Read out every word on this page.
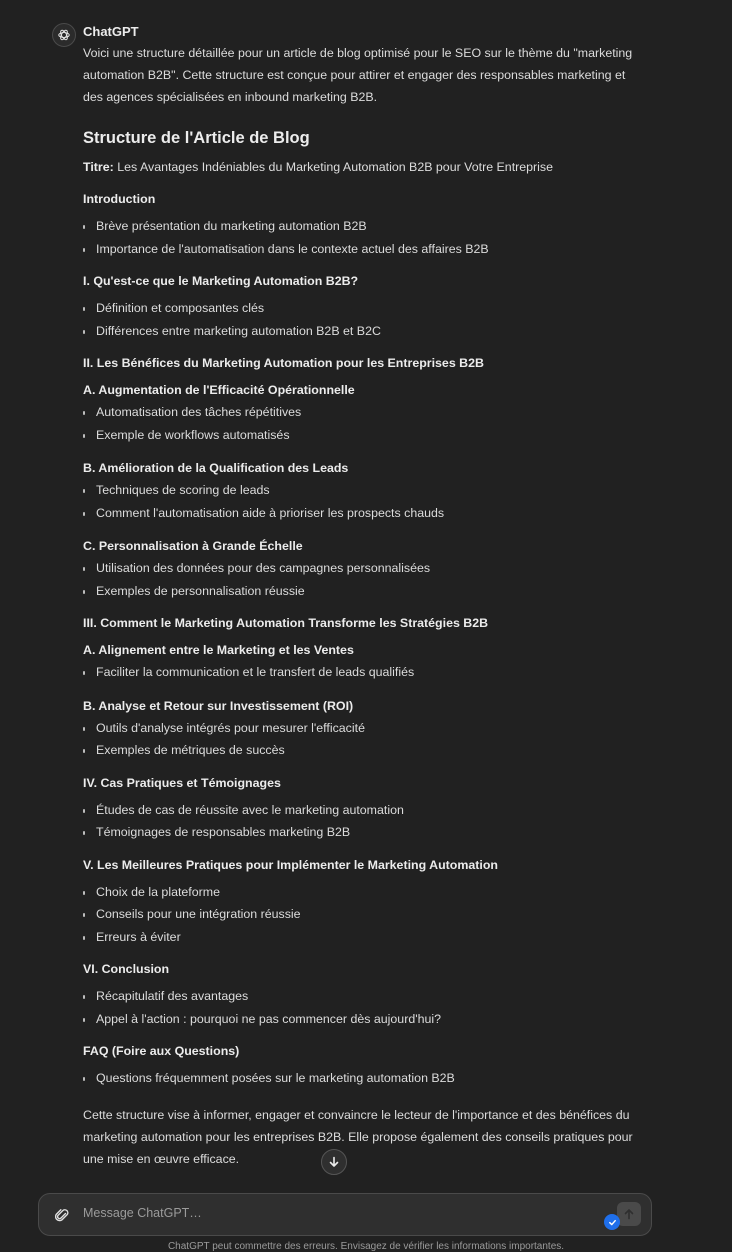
ChatGPT

Voici une structure détaillée pour un article de blog optimisé pour le SEO sur le thème du "marketing automation B2B". Cette structure est conçue pour attirer et engager des responsables marketing et des agences spécialisées en inbound marketing B2B.

Structure de l'Article de Blog

Titre: Les Avantages Indéniables du Marketing Automation B2B pour Votre Entreprise

Introduction
Brève présentation du marketing automation B2B
Importance de l'automatisation dans le contexte actuel des affaires B2B
I. Qu'est-ce que le Marketing Automation B2B?
Définition et composantes clés
Différences entre marketing automation B2B et B2C
II. Les Bénéfices du Marketing Automation pour les Entreprises B2B
A. Augmentation de l'Efficacité Opérationnelle
Automatisation des tâches répétitives
Exemple de workflows automatisés
B. Amélioration de la Qualification des Leads
Techniques de scoring de leads
Comment l'automatisation aide à prioriser les prospects chauds
C. Personnalisation à Grande Échelle
Utilisation des données pour des campagnes personnalisées
Exemples de personnalisation réussie
III. Comment le Marketing Automation Transforme les Stratégies B2B
A. Alignement entre le Marketing et les Ventes
Faciliter la communication et le transfert de leads qualifiés
B. Analyse et Retour sur Investissement (ROI)
Outils d'analyse intégrés pour mesurer l'efficacité
Exemples de métriques de succès
IV. Cas Pratiques et Témoignages
Études de cas de réussite avec le marketing automation
Témoignages de responsables marketing B2B
V. Les Meilleures Pratiques pour Implémenter le Marketing Automation
Choix de la plateforme
Conseils pour une intégration réussie
Erreurs à éviter
VI. Conclusion
Récapitulatif des avantages
Appel à l'action : pourquoi ne pas commencer dès aujourd'hui?
FAQ (Foire aux Questions)
Questions fréquemment posées sur le marketing automation B2B

Cette structure vise à informer, engager et convaincre le lecteur de l'importance et des bénéfices du marketing automation pour les entreprises B2B. Elle propose également des conseils pratiques pour une mise en œuvre efficace.

Message ChatGPT…
ChatGPT peut commettre des erreurs. Envisagez de vérifier les informations importantes.
